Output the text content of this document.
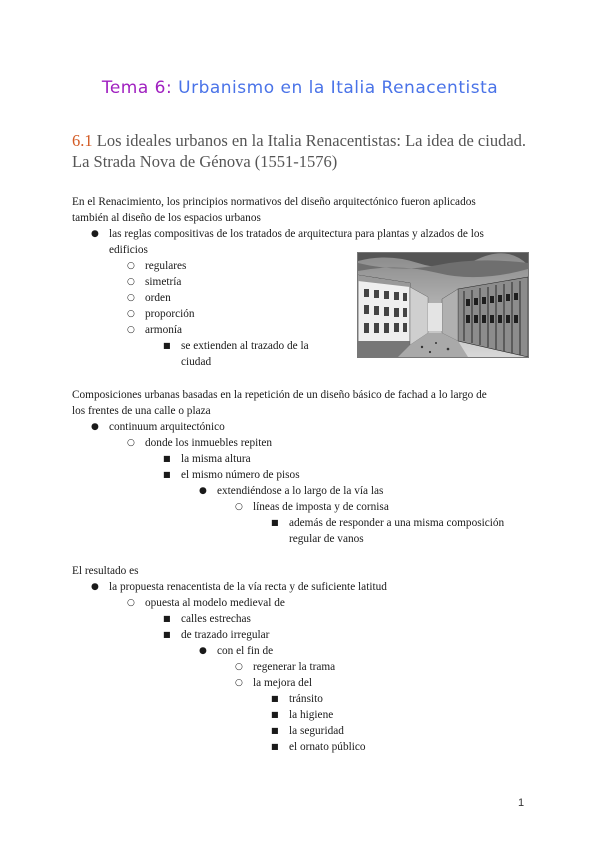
Tema 6: Urbanismo en la Italia Renacentista
6.1 Los ideales urbanos en la Italia Renacentistas: La idea de ciudad.
La Strada Nova de Génova (1551-1576)
En el Renacimiento, los principios normativos del diseño arquitectónico fueron aplicados
también al diseño de los espacios urbanos
● las reglas compositivas de los tratados de arquitectura para plantas y alzados de los
edificios
○ regulares
○ simetría
○ orden
○ proporción
○ armonía
■ se extienden al trazado de la
ciudad
Composiciones urbanas basadas en la repetición de un diseño básico de fachad a lo largo de
los frentes de una calle o plaza
● continuum arquitectónico
○ donde los inmuebles repiten
■ la misma altura
■ el mismo número de pisos
● extendiéndose a lo largo de la vía las
○ líneas de imposta y de cornisa
■ además de responder a una misma composición
regular de vanos
El resultado es
● la propuesta renacentista de la vía recta y de suficiente latitud
○ opuesta al modelo medieval de
■ calles estrechas
■ de trazado irregular
● con el fin de
○ regenerar la trama
○ la mejora del
■ tránsito
■ la higiene
■ la seguridad
■ el ornato público
1
